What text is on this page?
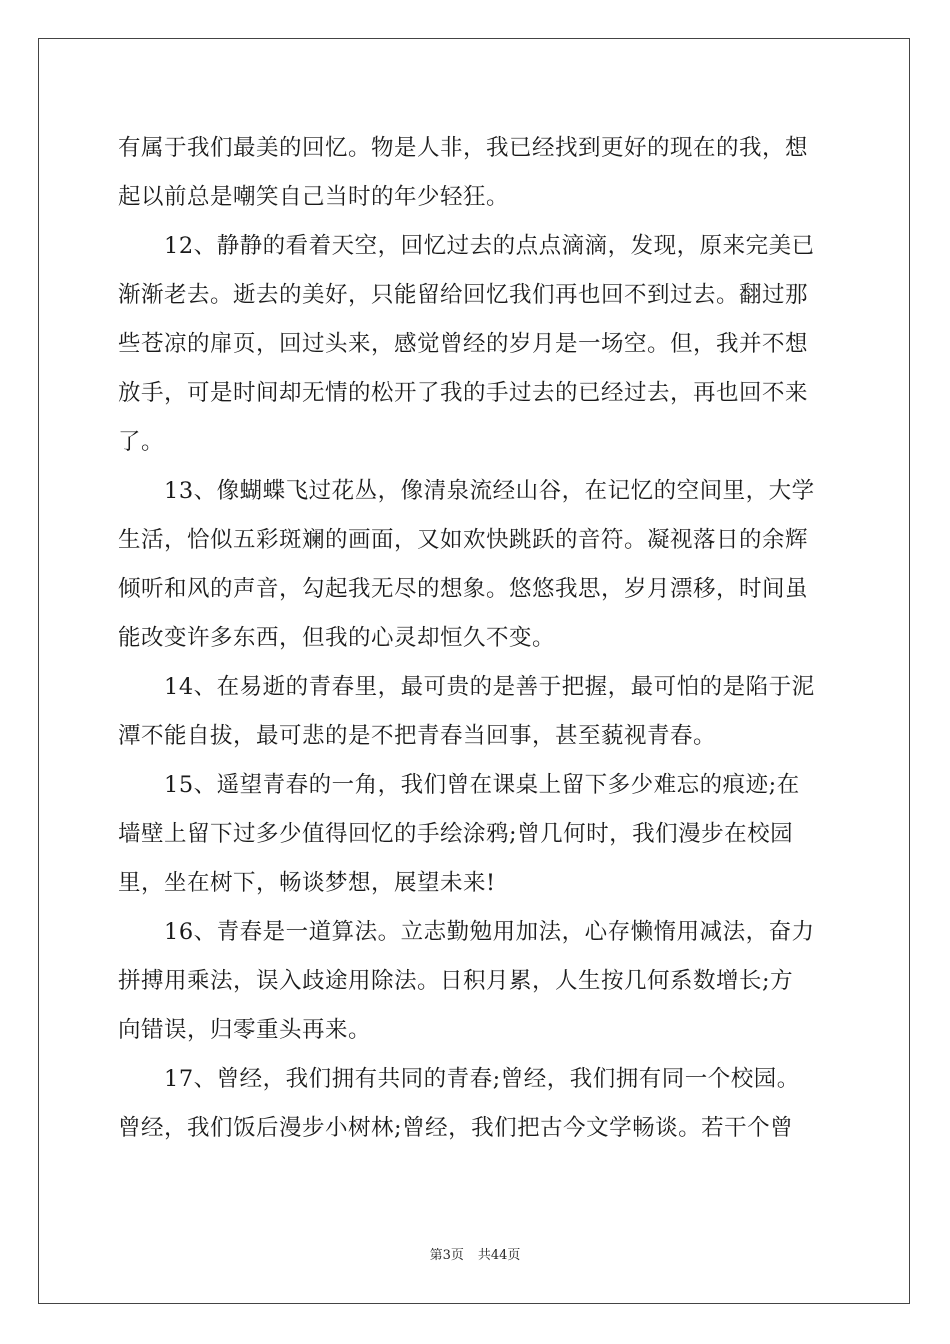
有属于我们最美的回忆。物是人非，我已经找到更好的现在的我，想
起以前总是嘲笑自己当时的年少轻狂。
12、静静的看着天空，回忆过去的点点滴滴，发现，原来完美已
渐渐老去。逝去的美好，只能留给回忆我们再也回不到过去。翻过那
些苍凉的扉页，回过头来，感觉曾经的岁月是一场空。但，我并不想
放手，可是时间却无情的松开了我的手过去的已经过去，再也回不来
了。
13、像蝴蝶飞过花丛，像清泉流经山谷，在记忆的空间里，大学
生活，恰似五彩斑斓的画面，又如欢快跳跃的音符。凝视落日的余辉
倾听和风的声音，勾起我无尽的想象。悠悠我思，岁月漂移，时间虽
能改变许多东西，但我的心灵却恒久不变。
14、在易逝的青春里，最可贵的是善于把握，最可怕的是陷于泥
潭不能自拔，最可悲的是不把青春当回事，甚至藐视青春。
15、遥望青春的一角，我们曾在课桌上留下多少难忘的痕迹;在
墙壁上留下过多少值得回忆的手绘涂鸦;曾几何时，我们漫步在校园
里，坐在树下，畅谈梦想，展望未来!
16、青春是一道算法。立志勤勉用加法，心存懒惰用减法，奋力
拼搏用乘法，误入歧途用除法。日积月累，人生按几何系数增长;方
向错误，归零重头再来。
17、曾经，我们拥有共同的青春;曾经，我们拥有同一个校园。
曾经，我们饭后漫步小树林;曾经，我们把古今文学畅谈。若干个曾
第3页 共44页
